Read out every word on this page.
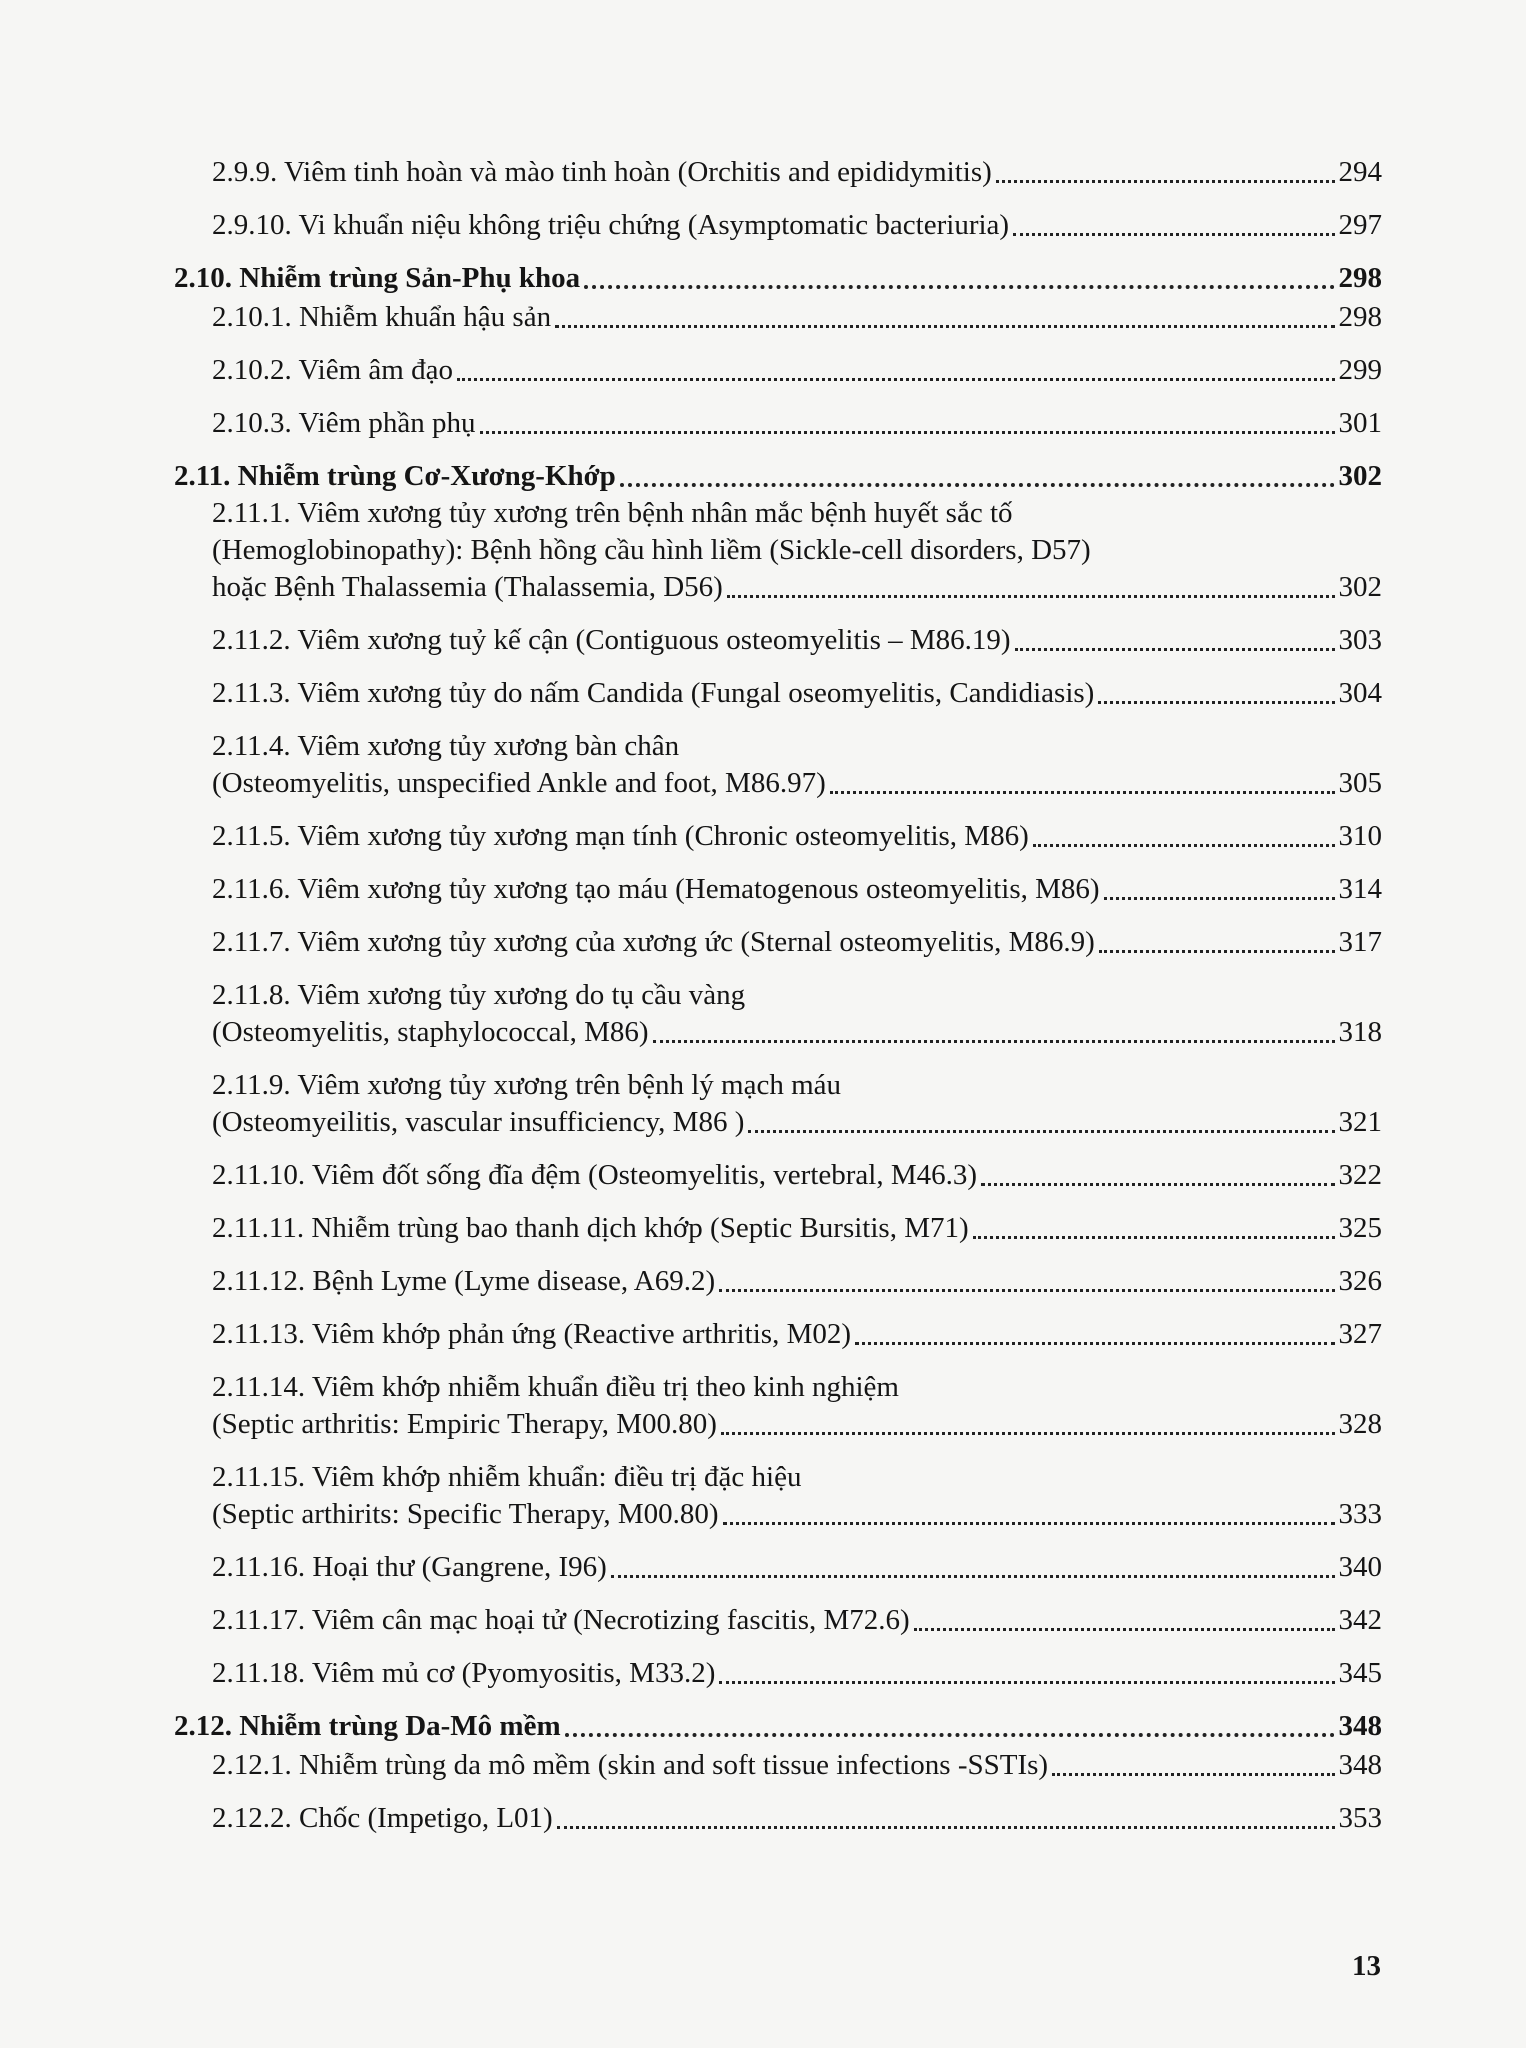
2.9.9. Viêm tinh hoàn và mào tinh hoàn (Orchitis and epididymitis)	294
2.9.10. Vi khuẩn niệu không triệu chứng (Asymptomatic bacteriuria)	297
2.10. Nhiễm trùng Sản-Phụ khoa	298
2.10.1. Nhiễm khuẩn hậu sản	298
2.10.2. Viêm âm đạo	299
2.10.3. Viêm phần phụ	301
2.11. Nhiễm trùng Cơ-Xương-Khớp	302
2.11.1. Viêm xương tủy xương trên bệnh nhân mắc bệnh huyết sắc tố
(Hemoglobinopathy): Bệnh hồng cầu hình liềm (Sickle-cell disorders, D57)
hoặc Bệnh Thalassemia (Thalassemia, D56)	302
2.11.2. Viêm xương tuỷ kế cận (Contiguous osteomyelitis – M86.19)	303
2.11.3. Viêm xương tủy do nấm Candida (Fungal oseomyelitis, Candidiasis)	304
2.11.4. Viêm xương tủy xương bàn chân
(Osteomyelitis, unspecified Ankle and foot, M86.97)	305
2.11.5. Viêm xương tủy xương mạn tính (Chronic osteomyelitis, M86)	310
2.11.6. Viêm xương tủy xương tạo máu (Hematogenous osteomyelitis, M86)	314
2.11.7. Viêm xương tủy xương của xương ức (Sternal osteomyelitis, M86.9)	317
2.11.8. Viêm xương tủy xương do tụ cầu vàng
(Osteomyelitis, staphylococcal, M86)	318
2.11.9. Viêm xương tủy xương trên bệnh lý mạch máu
(Osteomyeilitis, vascular insufficiency, M86 )	321
2.11.10. Viêm đốt sống đĩa đệm (Osteomyelitis, vertebral, M46.3)	322
2.11.11. Nhiễm trùng bao thanh dịch khớp (Septic Bursitis, M71)	325
2.11.12. Bệnh Lyme (Lyme disease, A69.2)	326
2.11.13. Viêm khớp phản ứng (Reactive arthritis, M02)	327
2.11.14. Viêm khớp nhiễm khuẩn điều trị theo kinh nghiệm
(Septic arthritis: Empiric Therapy, M00.80)	328
2.11.15. Viêm khớp nhiễm khuẩn: điều trị đặc hiệu
(Septic arthirits: Specific Therapy, M00.80)	333
2.11.16. Hoại thư (Gangrene, I96)	340
2.11.17. Viêm cân mạc hoại tử (Necrotizing fascitis, M72.6)	342
2.11.18. Viêm mủ cơ (Pyomyositis, M33.2)	345
2.12. Nhiễm trùng Da-Mô mềm	348
2.12.1. Nhiễm trùng da mô mềm (skin and soft tissue infections -SSTIs)	348
2.12.2. Chốc (Impetigo, L01)	353
13
